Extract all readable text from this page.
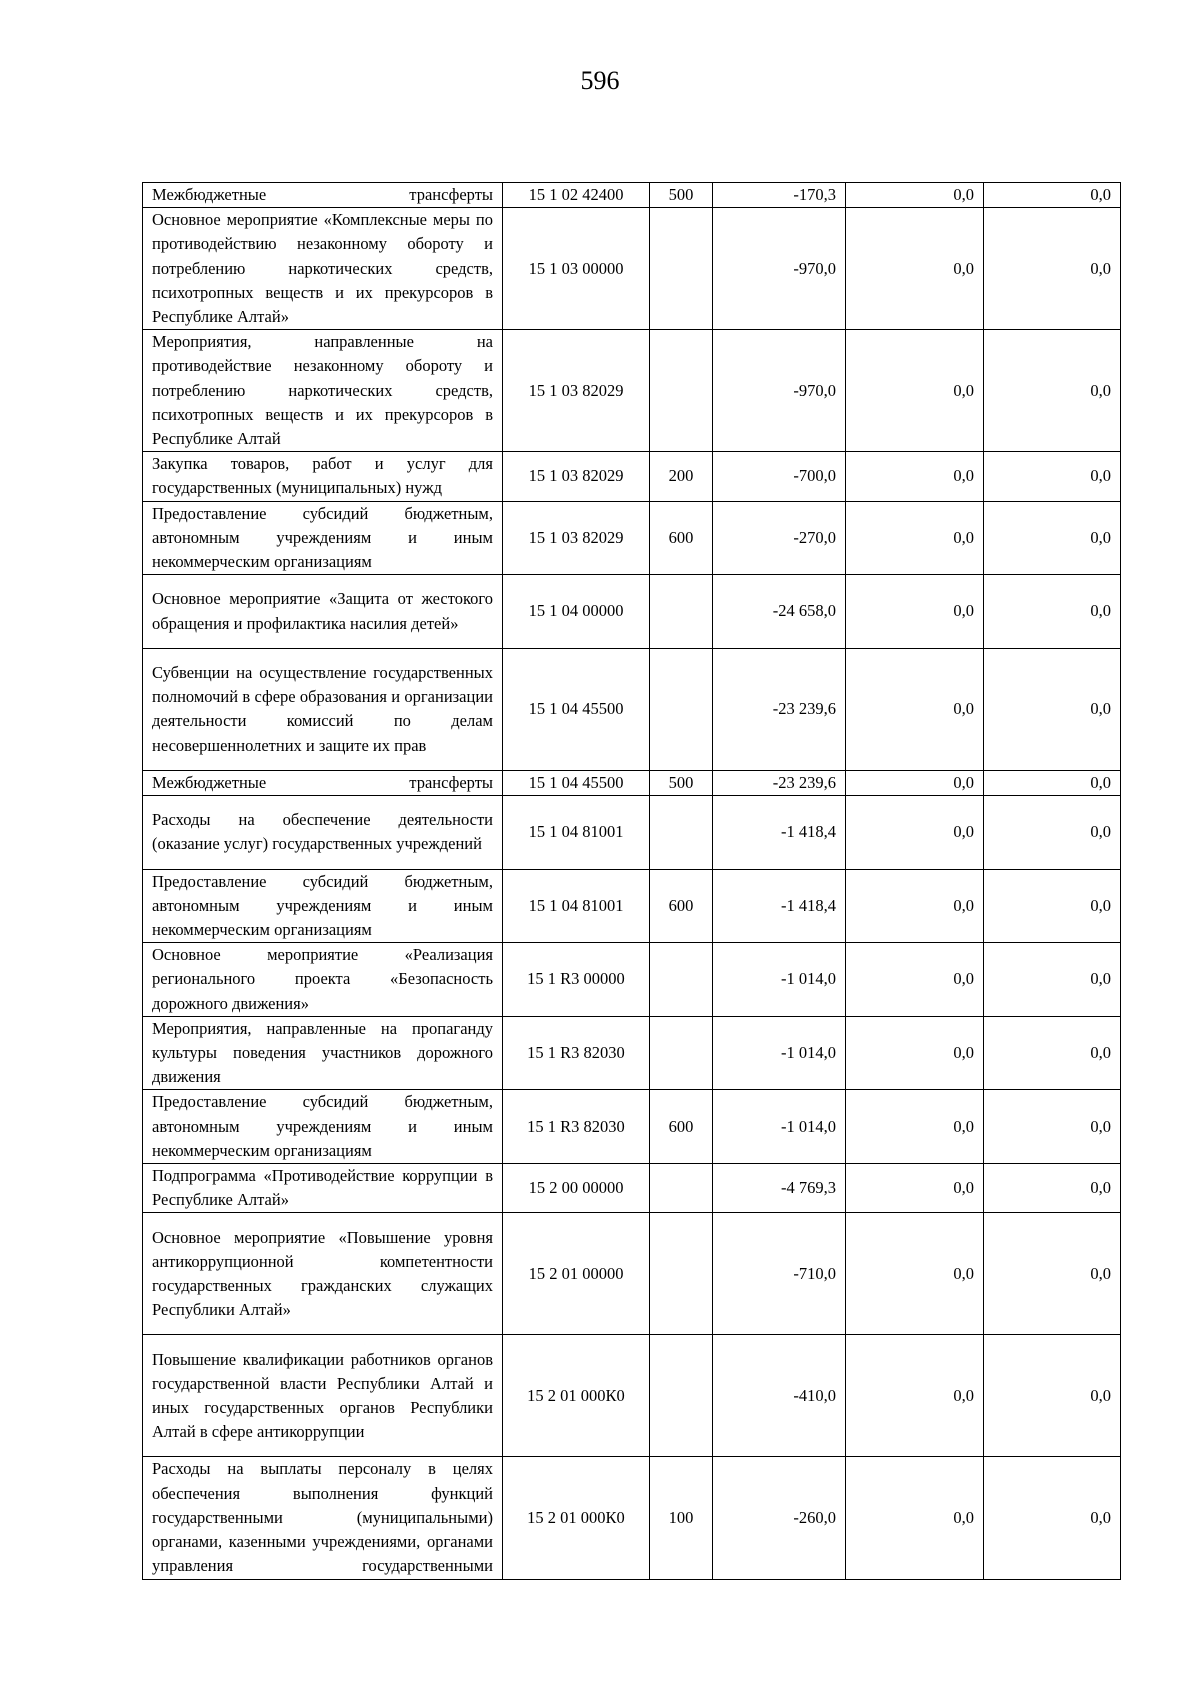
596
Межбюджетные трансферты	15 1 02 42400	500	-170,3	0,0	0,0
Основное мероприятие «Комплексные меры по противодействию незаконному обороту и потреблению наркотических средств, психотропных веществ и их прекурсоров в Республике Алтай»	15 1 03 00000		-970,0	0,0	0,0
Мероприятия, направленные на противодействие незаконному обороту и потреблению наркотических средств, психотропных веществ и их прекурсоров в Республике Алтай	15 1 03 82029		-970,0	0,0	0,0
Закупка товаров, работ и услуг для государственных (муниципальных) нужд	15 1 03 82029	200	-700,0	0,0	0,0
Предоставление субсидий бюджетным, автономным учреждениям и иным некоммерческим организациям	15 1 03 82029	600	-270,0	0,0	0,0
Основное мероприятие «Защита от жестокого обращения и профилактика насилия детей»	15 1 04 00000		-24 658,0	0,0	0,0
Субвенции на осуществление государственных полномочий в сфере образования и организации деятельности комиссий по делам несовершеннолетних и защите их прав	15 1 04 45500		-23 239,6	0,0	0,0
Межбюджетные трансферты	15 1 04 45500	500	-23 239,6	0,0	0,0
Расходы на обеспечение деятельности (оказание услуг) государственных учреждений	15 1 04 81001		-1 418,4	0,0	0,0
Предоставление субсидий бюджетным, автономным учреждениям и иным некоммерческим организациям	15 1 04 81001	600	-1 418,4	0,0	0,0
Основное мероприятие «Реализация регионального проекта «Безопасность дорожного движения»	15 1 R3 00000		-1 014,0	0,0	0,0
Мероприятия, направленные на пропаганду культуры поведения участников дорожного движения	15 1 R3 82030		-1 014,0	0,0	0,0
Предоставление субсидий бюджетным, автономным учреждениям и иным некоммерческим организациям	15 1 R3 82030	600	-1 014,0	0,0	0,0
Подпрограмма «Противодействие коррупции в Республике Алтай»	15 2 00 00000		-4 769,3	0,0	0,0
Основное мероприятие «Повышение уровня антикоррупционной компетентности государственных гражданских служащих Республики Алтай»	15 2 01 00000		-710,0	0,0	0,0
Повышение квалификации работников органов государственной власти Республики Алтай и иных государственных органов Республики Алтай в сфере антикоррупции	15 2 01 000К0		-410,0	0,0	0,0
Расходы на выплаты персоналу в целях обеспечения выполнения функций государственными (муниципальными) органами, казенными учреждениями, органами управления государственными	15 2 01 000К0	100	-260,0	0,0	0,0
